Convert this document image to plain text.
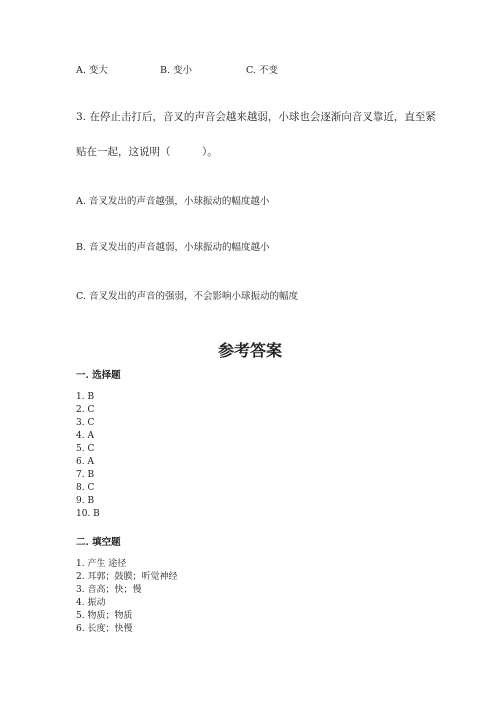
A. 变大	B. 变小	C. 不变
3. 在停止击打后，音叉的声音会越来越弱，小球也会逐渐向音叉靠近，直至紧
贴在一起，这说明（　　　）。
A. 音叉发出的声音越强，小球振动的幅度越小
B. 音叉发出的声音越弱，小球振动的幅度越小
C. 音叉发出的声音的强弱，不会影响小球振动的幅度
参考答案
一. 选择题
1. B
2. C
3. C
4. A
5. C
6. A
7. B
8. C
9. B
10. B
二. 填空题
1. 产生 途径
2. 耳郭；鼓膜；听觉神经
3. 音高；快；慢
4. 振动
5. 物质；物质
6. 长度；快慢
